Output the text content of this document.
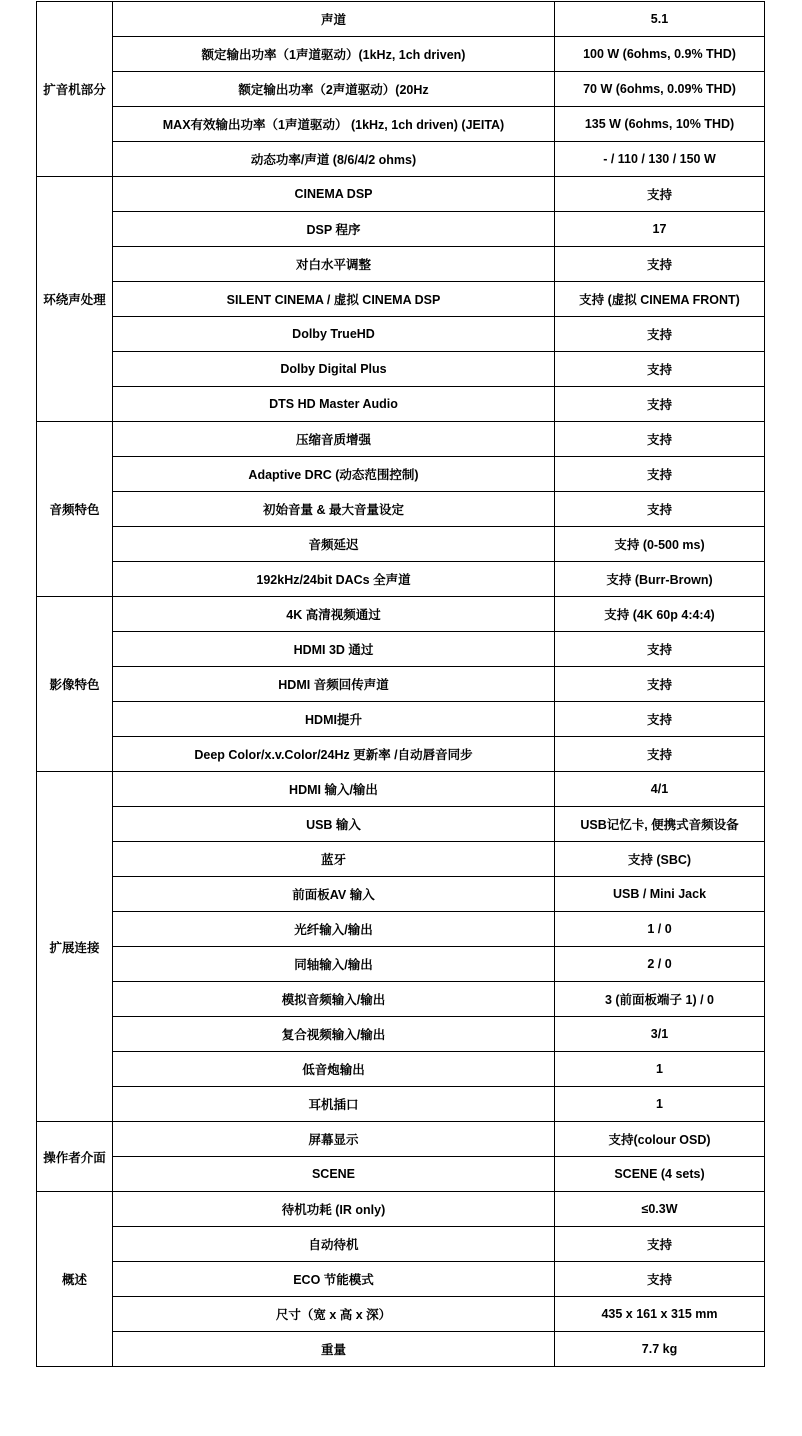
扩音机部分	声道	5.1
	额定输出功率（1声道驱动）(1kHz, 1ch driven)	100 W (6ohms, 0.9% THD)
	额定输出功率（2声道驱动）(20Hz	70 W (6ohms, 0.09% THD)
	MAX有效输出功率（1声道驱动） (1kHz, 1ch driven) (JEITA)	135 W (6ohms, 10% THD)
	动态功率/声道 (8/6/4/2 ohms)	- / 110 / 130 / 150 W
环绕声处理	CINEMA DSP	支持
	DSP 程序	17
	对白水平调整	支持
	SILENT CINEMA / 虚拟 CINEMA DSP	支持 (虚拟 CINEMA FRONT)
	Dolby TrueHD	支持
	Dolby Digital Plus	支持
	DTS HD Master Audio	支持
音频特色	压缩音质增强	支持
	Adaptive DRC (动态范围控制)	支持
	初始音量 & 最大音量设定	支持
	音频延迟	支持 (0-500 ms)
	192kHz/24bit DACs 全声道	支持 (Burr-Brown)
影像特色	4K 高清视频通过	支持 (4K 60p 4:4:4)
	HDMI 3D 通过	支持
	HDMI 音频回传声道	支持
	HDMI提升	支持
	Deep Color/x.v.Color/24Hz 更新率 /自动唇音同步	支持
扩展连接	HDMI 输入/输出	4/1
	USB 输入	USB记忆卡, 便携式音频设备
	蓝牙	支持 (SBC)
	前面板AV 输入	USB / Mini Jack
	光纤输入/输出	1 / 0
	同轴输入/输出	2 / 0
	模拟音频输入/输出	3 (前面板端子 1) / 0
	复合视频输入/输出	3/1
	低音炮输出	1
	耳机插口	1
操作者介面	屏幕显示	支持(colour OSD)
	SCENE	SCENE (4 sets)
概述	待机功耗 (IR only)	≤0.3W
	自动待机	支持
	ECO 节能模式	支持
	尺寸（宽 x 高 x 深）	435 x 161 x 315 mm
	重量	7.7 kg
